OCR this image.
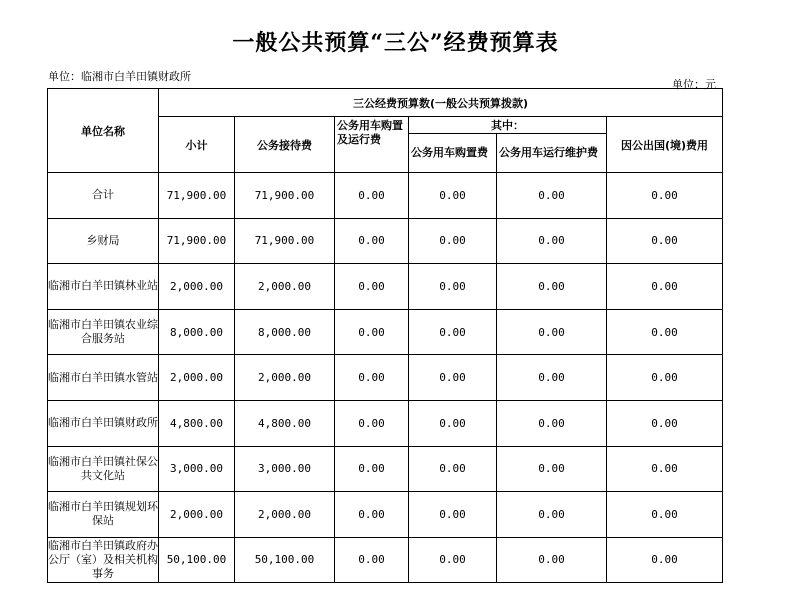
一般公共预算“三公”经费预算表
单位：临湘市白羊田镇财政所
单位：元
单位名称	三公经费预算数(一般公共预算拨款)					
	小计	公务接待费	公务用车购置及运行费	其中：		因公出国(境)费用
				公务用车购置费	公务用车运行维护费	
合计	71,900.00	71,900.00	0.00	0.00	0.00	0.00
乡财局	71,900.00	71,900.00	0.00	0.00	0.00	0.00
临湘市白羊田镇林业站	2,000.00	2,000.00	0.00	0.00	0.00	0.00
临湘市白羊田镇农业综合服务站	8,000.00	8,000.00	0.00	0.00	0.00	0.00
临湘市白羊田镇水管站	2,000.00	2,000.00	0.00	0.00	0.00	0.00
临湘市白羊田镇财政所	4,800.00	4,800.00	0.00	0.00	0.00	0.00
临湘市白羊田镇社保公共文化站	3,000.00	3,000.00	0.00	0.00	0.00	0.00
临湘市白羊田镇规划环保站	2,000.00	2,000.00	0.00	0.00	0.00	0.00
临湘市白羊田镇政府办公厅（室）及相关机构事务	50,100.00	50,100.00	0.00	0.00	0.00	0.00
